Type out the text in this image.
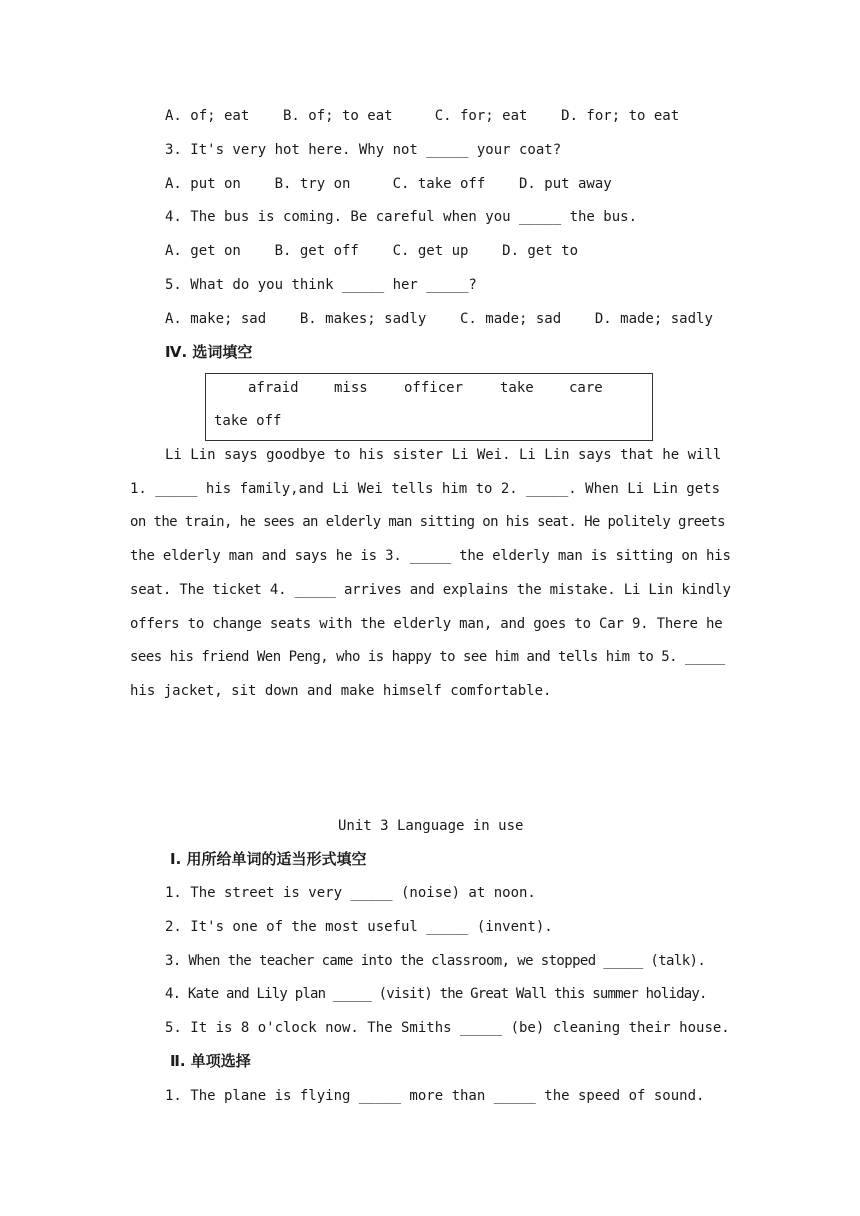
A. of; eat    B. of; to eat     C. for; eat    D. for; to eat
3. It's very hot here. Why not _____ your coat?
A. put on    B. try on     C. take off    D. put away
4. The bus is coming. Be careful when you _____ the bus.
A. get on    B. get off    C. get up    D. get to
5. What do you think _____ her _____?
A. make; sad    B. makes; sadly    C. made; sad    D. made; sadly
Ⅳ. 选词填空
afraid	miss	officer	take	care
take off
Li Lin says goodbye to his sister Li Wei. Li Lin says that he will
1. _____ his family,and Li Wei tells him to 2. _____. When Li Lin gets
on the train, he sees an elderly man sitting on his seat. He politely greets
the elderly man and says he is 3. _____ the elderly man is sitting on his
seat. The ticket 4. _____ arrives and explains the mistake. Li Lin kindly
offers to change seats with the elderly man, and goes to Car 9. There he
sees his friend Wen Peng, who is happy to see him and tells him to 5. _____
his jacket, sit down and make himself comfortable.
Unit 3 Language in use
Ⅰ. 用所给单词的适当形式填空
1. The street is very _____ (noise) at noon.
2. It's one of the most useful _____ (invent).
3. When the teacher came into the classroom, we stopped _____ (talk).
4. Kate and Lily plan _____ (visit) the Great Wall this summer holiday.
5. It is 8 o'clock now. The Smiths _____ (be) cleaning their house.
Ⅱ. 单项选择
1. The plane is flying _____ more than _____ the speed of sound.
